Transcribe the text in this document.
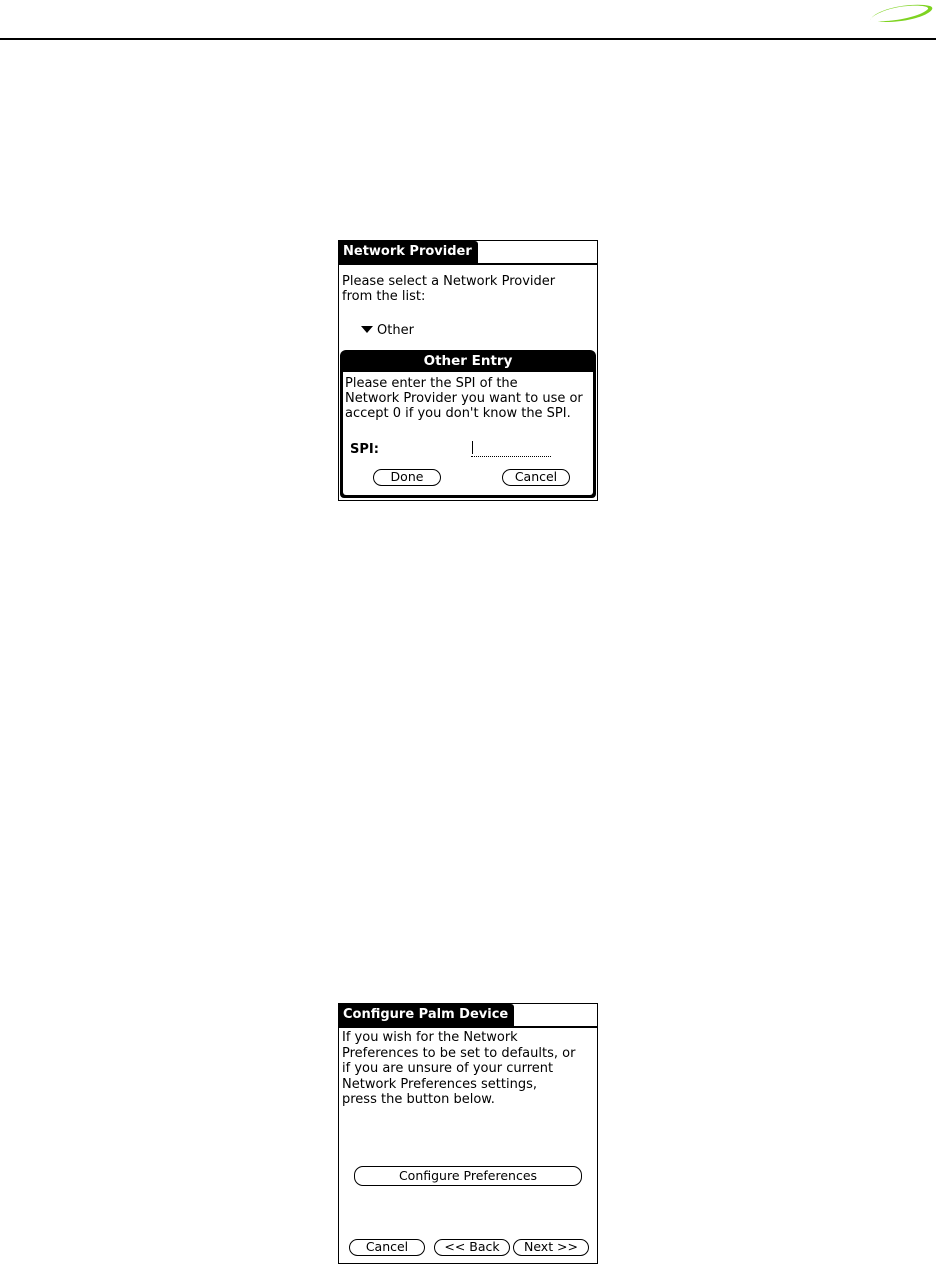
Network Provider
Please select a Network Provider
from the list:
Other
Other Entry
Please enter the SPI of the
Network Provider you want to use or
accept 0 if you don't know the SPI.
SPI:
Done	Cancel
Configure Palm Device
If you wish for the Network
Preferences to be set to defaults, or
if you are unsure of your current
Network Preferences settings,
press the button below.
Configure Preferences
Cancel	<< Back	Next >>
